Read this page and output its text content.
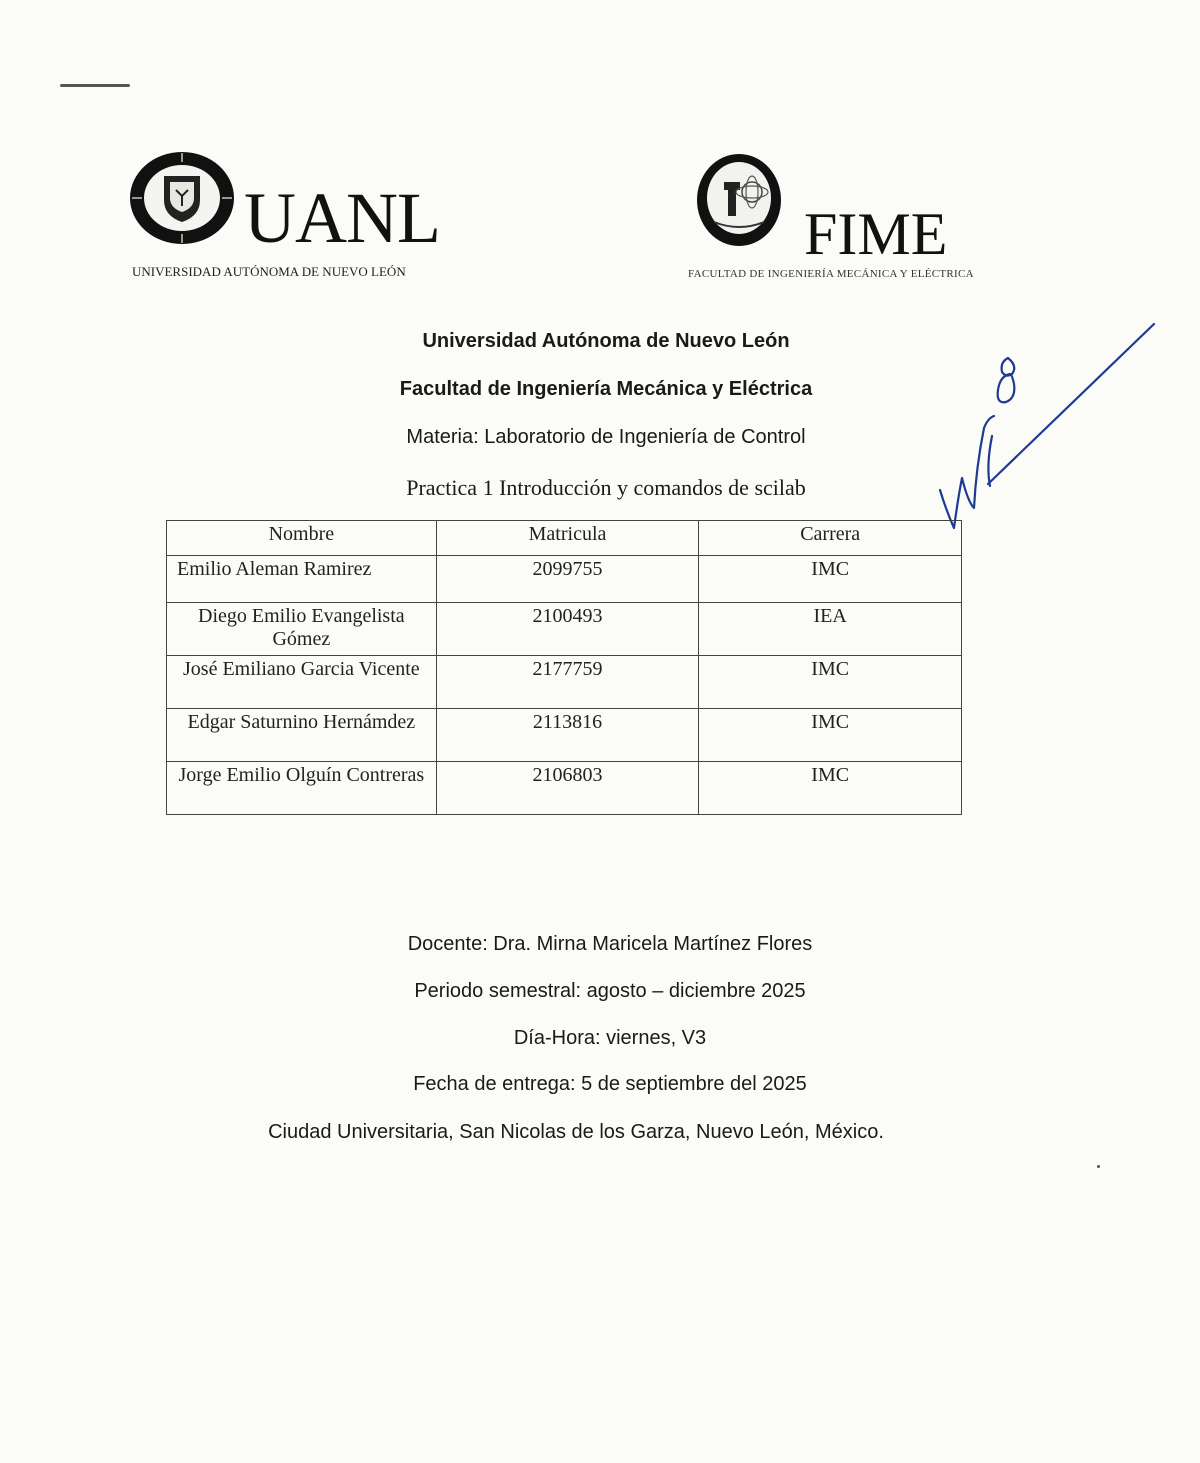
UANL
UNIVERSIDAD AUTÓNOMA DE NUEVO LEÓN
FIME
FACULTAD DE INGENIERÍA MECÁNICA Y ELÉCTRICA
Universidad Autónoma de Nuevo León
Facultad de Ingeniería Mecánica y Eléctrica
Materia: Laboratorio de Ingeniería de Control
Practica 1 Introducción y comandos de scilab
Nombre	Matricula	Carrera
Emilio Aleman Ramirez	2099755	IMC
Diego Emilio Evangelista Gómez	2100493	IEA
José Emiliano Garcia Vicente	2177759	IMC
Edgar Saturnino Hernámdez	2113816	IMC
Jorge Emilio Olguín Contreras	2106803	IMC
Docente: Dra. Mirna Maricela Martínez Flores
Periodo semestral: agosto – diciembre 2025
Día-Hora: viernes, V3
Fecha de entrega: 5 de septiembre del 2025
Ciudad Universitaria, San Nicolas de los Garza, Nuevo León, México.
